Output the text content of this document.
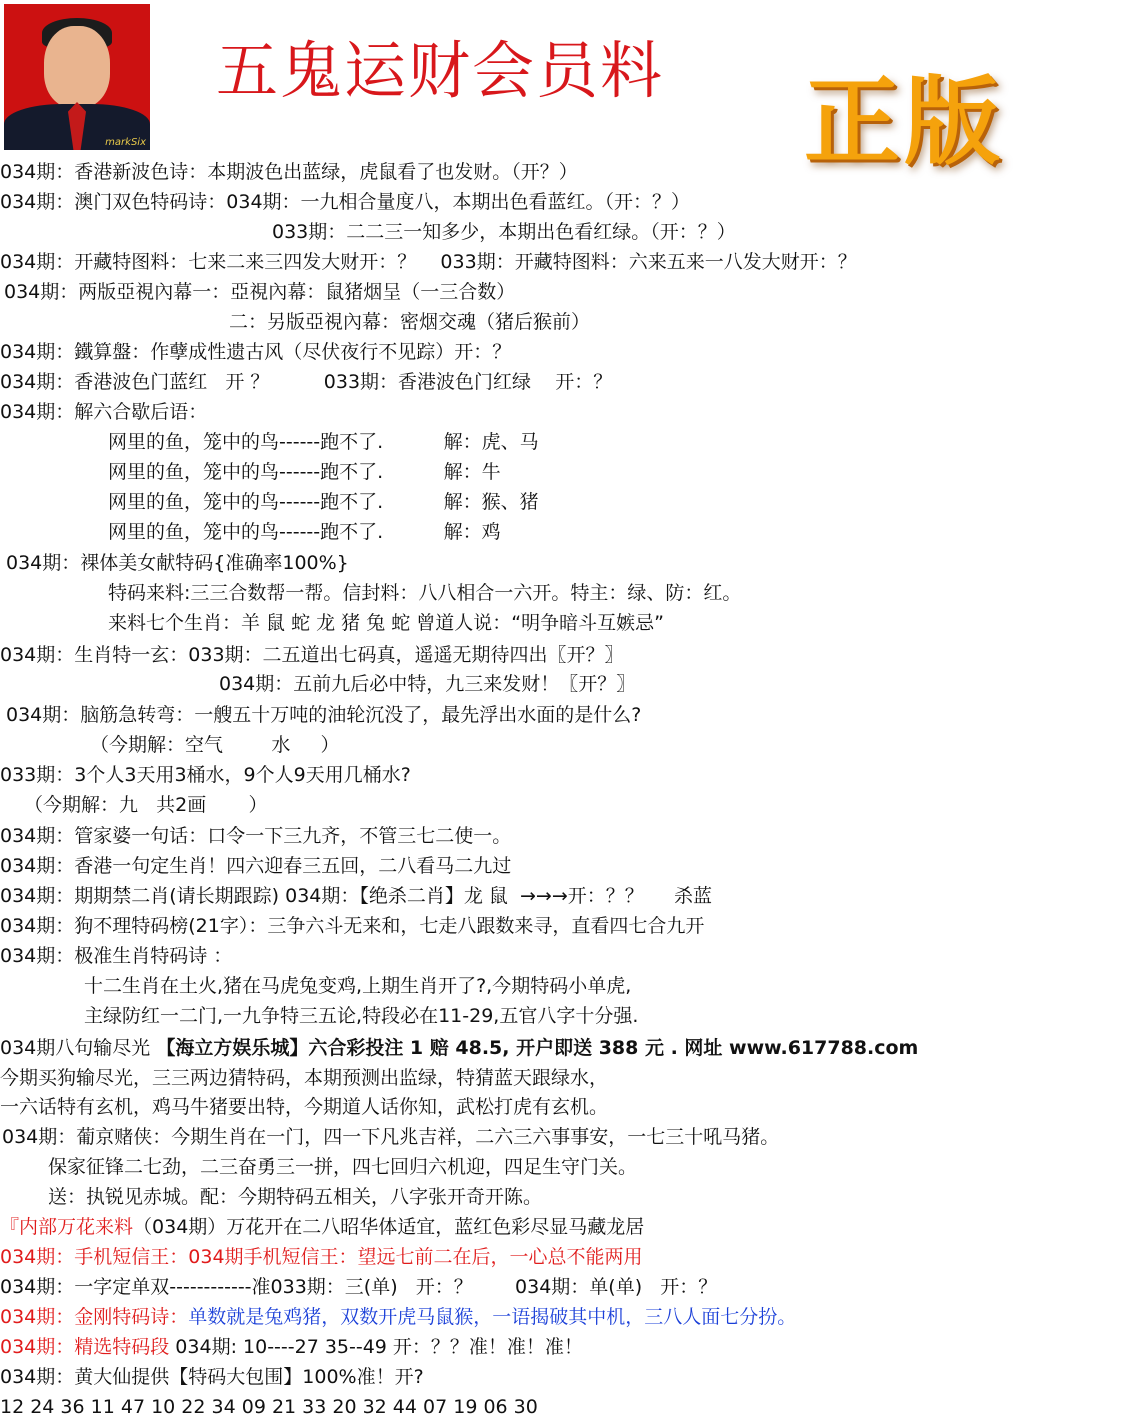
markSix
五鬼运财会员料 正版
034期：香港新波色诗：本期波色出蓝绿，虎鼠看了也发财。（开？）
034期：澳门双色特码诗：034期：一九相合量度八，本期出色看蓝红。（开：？）
033期：二二三一知多少，本期出色看红绿。（开：？）
034期：开藏特图料：七来二来三四发大财开：？    033期：开藏特图料：六来五来一八发大财开：？
034期：两版亞視內幕一：亞視內幕：鼠猪烟呈（一三合数）
二：另版亞視內幕：密烟交魂（猪后猴前）
034期：鐵算盤：作孽成性遗古风（尽伏夜行不见踪）开：？
034期：香港波色门蓝红   开 ？         033期：香港波色门红绿    开：？
034期：解六合歇后语：
网里的鱼，笼中的鸟------跑不了.          解：虎、马
网里的鱼，笼中的鸟------跑不了.          解：牛
网里的鱼，笼中的鸟------跑不了.          解：猴、猪
网里的鱼，笼中的鸟------跑不了.          解：鸡
034期：裸体美女献特码{准确率100%}
特码来料:三三合数帮一帮。信封料：八八相合一六开。特主：绿、防：红。
来料七个生肖：羊 鼠 蛇 龙 猪 兔 蛇 曾道人说：“明争暗斗互嫉忌”
034期：生肖特一玄：033期：二五道出七码真，遥遥无期待四出〖开？〗
034期：五前九后必中特，九三来发财！〖开？〗
034期：脑筋急转弯：一艘五十万吨的油轮沉没了，最先浮出水面的是什么?
（今期解：空气        水     ）
033期：3个人3天用3桶水，9个人9天用几桶水?
（今期解：九   共2画       ）
034期：管家婆一句话：口令一下三九齐，不管三七二使一。
034期：香港一句定生肖！四六迎春三五回，二八看马二九过
034期：期期禁二肖(请长期跟踪) 034期：【绝杀二肖】龙 鼠  →→→开：？？     杀蓝
034期：狗不理特码榜(21字）：三争六斗无来和，七走八跟数来寻，直看四七合九开
034期：极准生肖特码诗 ：
十二生肖在土火,猪在马虎兔变鸡,上期生肖开了?,今期特码小单虎,
主绿防红一二门,一九争特三五论,特段必在11-29,五官八字十分强.
034期八句输尽光 【海立方娱乐城】六合彩投注 1 赔 48.5, 开户即送 388 元 . 网址 www.617788.com
今期买狗输尽光，三三两边猜特码，本期预测出监绿，特猜蓝天跟绿水，
一六话特有玄机，鸡马牛猪要出特，今期道人话你知，武松打虎有玄机。
034期：葡京赌侠：今期生肖在一门，四一下凡兆吉祥，二六三六事事安，一七三十吼马猪。
保家征锋二七劲，二三奋勇三一拼，四七回归六机迎，四足生守门关。
送：执锐见赤城。配：今期特码五相关，八字张开奇开陈。
『内部万花来料（034期）万花开在二八昭华体适宜，蓝红色彩尽显马藏龙居
034期：手机短信王：034期手机短信王：望远七前二在后，一心总不能两用
034期：一字定单双------------准033期：三(单)   开：？       034期：单(单)   开：？
034期：金刚特码诗：单数就是兔鸡猪，双数开虎马鼠猴，一语揭破其中机，三八人面七分扮。
034期：精选特码段 034期: 10----27 35--49 开：？？准！准！准！
034期：黄大仙提供【特码大包围】100%准！开?
12 24 36 11 47 10 22 34 09 21 33 20 32 44 07 19 06 30
